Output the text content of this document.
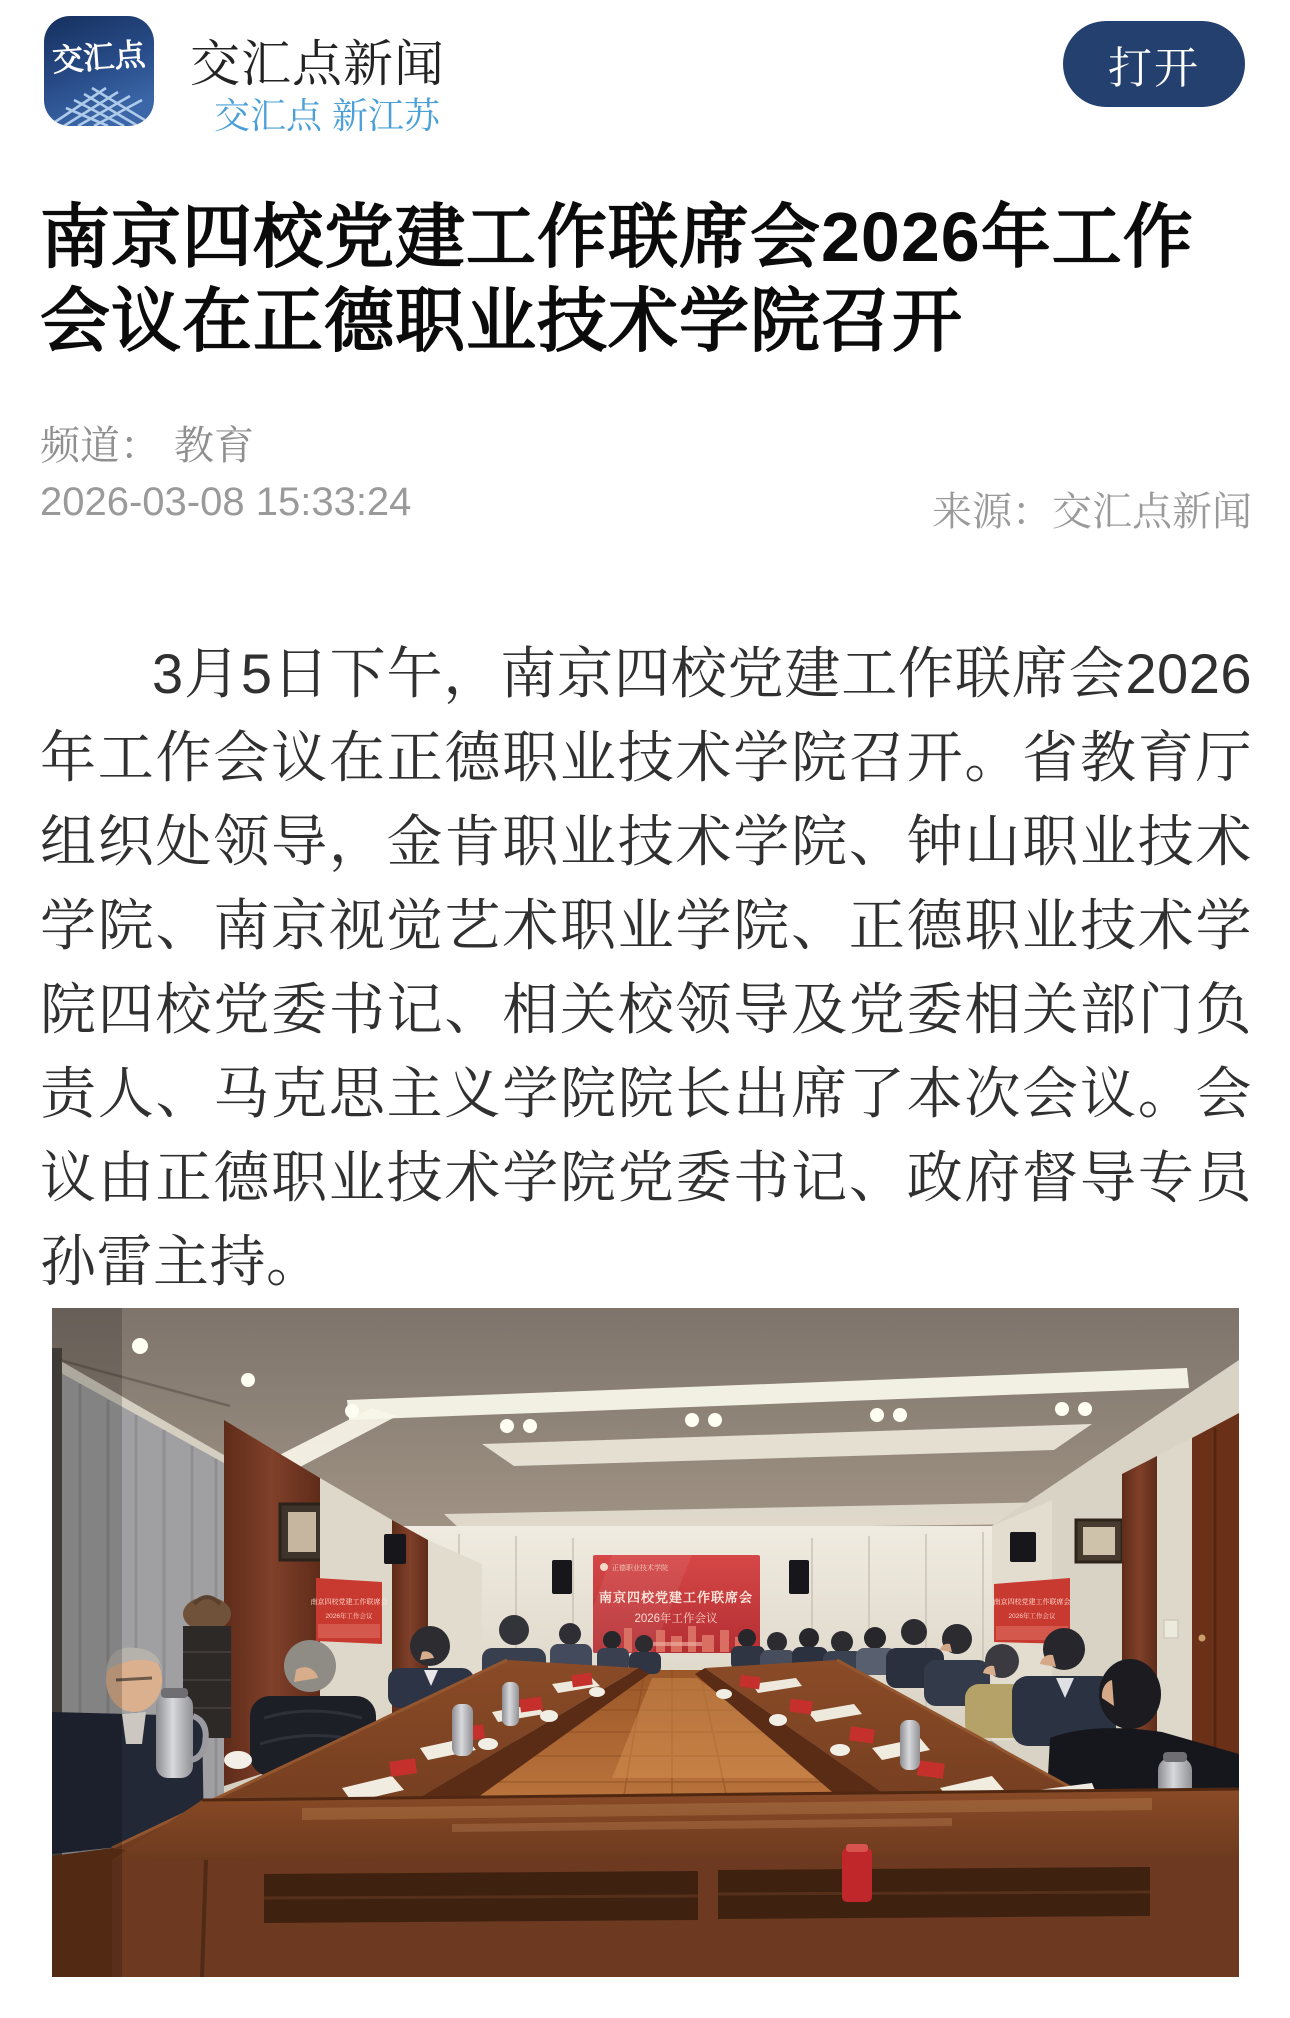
交汇点 交汇点新闻
交汇点 新江苏
打开
南京四校党建工作联席会2026年工作会议在正德职业技术学院召开
频道： 教育
2026-03-08 15:33:24	来源：交汇点新闻

3月5日下午，南京四校党建工作联席会2026年工作会议在正德职业技术学院召开。省教育厅组织处领导，金肯职业技术学院、钟山职业技术学院、南京视觉艺术职业学院、正德职业技术学院四校党委书记、相关校领导及党委相关部门负责人、马克思主义学院院长出席了本次会议。会议由正德职业技术学院党委书记、政府督导专员孙雷主持。

正德职业技术学院
南京四校党建工作联席会
2026年工作会议
南京四校党建工作联席会
2026年工作会议
南京四校党建工作联席会
2026年工作会议
